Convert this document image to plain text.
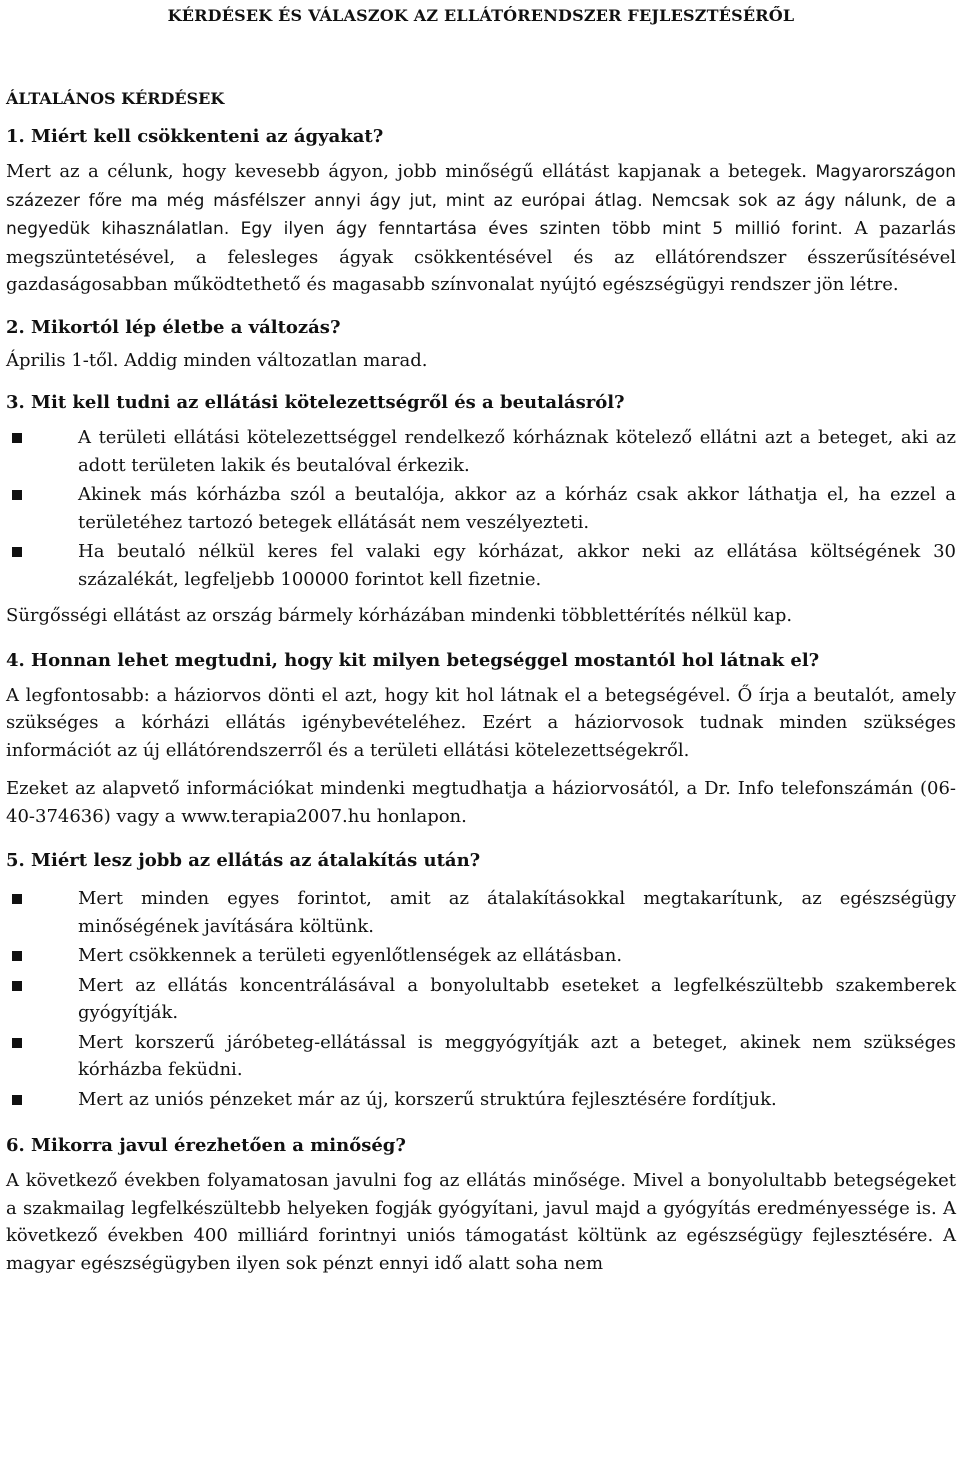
KÉRDÉSEK ÉS VÁLASZOK AZ ELLÁTÓRENDSZER FEJLESZTÉSÉRŐL
ÁLTALÁNOS KÉRDÉSEK
1. Miért kell csökkenteni az ágyakat?
Mert az a célunk, hogy kevesebb ágyon, jobb minőségű ellátást kapjanak a betegek. Magyarországon százezer főre ma még másfélszer annyi ágy jut, mint az európai átlag. Nemcsak sok az ágy nálunk, de a negyedük kihasználatlan. Egy ilyen ágy fenntartása éves szinten több mint 5 millió forint. A pazarlás megszüntetésével, a felesleges ágyak csökkentésével és az ellátórendszer ésszerűsítésével gazdaságosabban működtethető és magasabb színvonalat nyújtó egészségügyi rendszer jön létre.
2. Mikortól lép életbe a változás?
Április 1-től. Addig minden változatlan marad.
3. Mit kell tudni az ellátási kötelezettségről és a beutalásról?
A területi ellátási kötelezettséggel rendelkező kórháznak kötelező ellátni azt a beteget, aki az adott területen lakik és beutalóval érkezik.
Akinek más kórházba szól a beutalója, akkor az a kórház csak akkor láthatja el, ha ezzel a területéhez tartozó betegek ellátását nem veszélyezteti.
Ha beutaló nélkül keres fel valaki egy kórházat, akkor neki az ellátása költségének 30 százalékát, legfeljebb 100000 forintot kell fizetnie.
Sürgősségi ellátást az ország bármely kórházában mindenki többlettérítés nélkül kap.
4. Honnan lehet megtudni, hogy kit milyen betegséggel mostantól hol látnak el?
A legfontosabb: a háziorvos dönti el azt, hogy kit hol látnak el a betegségével. Ő írja a beutalót, amely szükséges a kórházi ellátás igénybevételéhez. Ezért a háziorvosok tudnak minden szükséges információt az új ellátórendszerről és a területi ellátási kötelezettségekről.
Ezeket az alapvető információkat mindenki megtudhatja a háziorvosától, a Dr. Info telefonszámán (06-40-374636) vagy a www.terapia2007.hu honlapon.
5. Miért lesz jobb az ellátás az átalakítás után?
Mert minden egyes forintot, amit az átalakításokkal megtakarítunk, az egészségügy minőségének javítására költünk.
Mert csökkennek a területi egyenlőtlenségek az ellátásban.
Mert az ellátás koncentrálásával a bonyolultabb eseteket a legfelkészültebb szakemberek gyógyítják.
Mert korszerű járóbeteg-ellátással is meggyógyítják azt a beteget, akinek nem szükséges kórházba feküdni.
Mert az uniós pénzeket már az új, korszerű struktúra fejlesztésére fordítjuk.
6. Mikorra javul érezhetően a minőség?
A következő években folyamatosan javulni fog az ellátás minősége. Mivel a bonyolultabb betegségeket a szakmailag legfelkészültebb helyeken fogják gyógyítani, javul majd a gyógyítás eredményessége is. A következő években 400 milliárd forintnyi uniós támogatást költünk az egészségügy fejlesztésére. A magyar egészségügyben ilyen sok pénzt ennyi idő alatt soha nem
